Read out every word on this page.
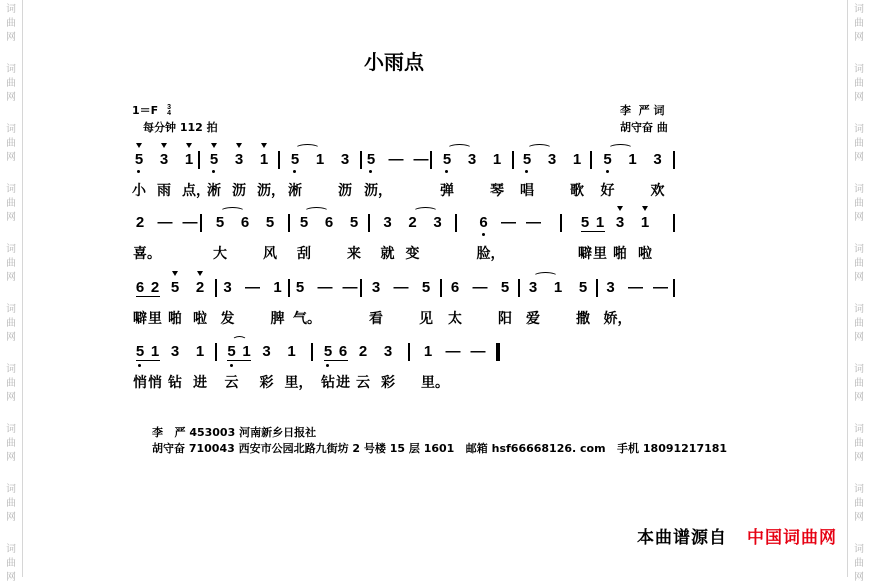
词
曲
网
词
曲
网
词
曲
网
词
曲
网
词
曲
网
词
曲
网
词
曲
网
词
曲
网
词
曲
网
词
曲
网
词
曲
网
词
曲
网
词
曲
网
词
曲
网
词
曲
网
词
曲
网
词
曲
网
词
曲
网
词
曲
网
词
曲
网
小雨点
1＝F 3
4
每分钟 112 拍
李  严 词
胡守奋 曲
5
小
3
雨
1
点，
5
淅
3
沥
1
沥，
5
淅
1 3
沥
5
沥，
— — 5
弹
3 1
琴
5
唱
3 1
歌
5
好
1 3
欢
2
喜。
— — 5
大
6 5
风
5
刮
6 5
来
3
就
2
变
3	6
脸，
— —	5
噼
1
里
3
啪
1
啦
6
噼
2
里
5
啪
2
啦
3
发
— 1
脾
5
气。
— — 3
看
— 5
见
6
太
— 5
阳
3
爱
1 5
撒
3
娇，
— —
5
悄
1
悄
3
钻
1
进
5
云
1 3
彩
1
里，
5
钻
6
进
2
云
3
彩
1
里。
— —
李   严 453003 河南新乡日报社
胡守奋 710043 西安市公园北路九街坊 2 号楼 15 层 1601   邮箱 hsf66668126. com   手机 18091217181
本曲谱源自 中国词曲网
